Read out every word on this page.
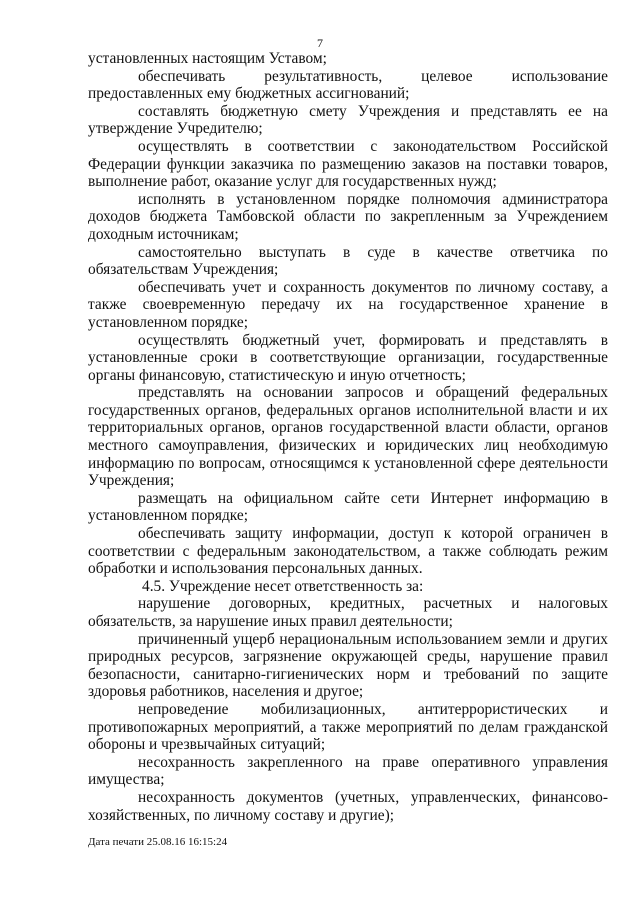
7

установленных настоящим Уставом;

обеспечивать результативность, целевое использование предоставленных ему бюджетных ассигнований;

составлять бюджетную смету Учреждения и представлять ее на утверждение Учредителю;

осуществлять в соответствии с законодательством Российской Федерации функции заказчика по размещению заказов на поставки товаров, выполнение работ, оказание услуг для государственных нужд;

исполнять в установленном порядке полномочия администратора доходов бюджета Тамбовской области по закрепленным за Учреждением доходным источникам;

самостоятельно выступать в суде в качестве ответчика по обязательствам Учреждения;

обеспечивать учет и сохранность документов по личному составу, а также своевременную передачу их на государственное хранение в установленном порядке;

осуществлять бюджетный учет, формировать и представлять в установленные сроки в соответствующие организации, государственные органы финансовую, статистическую и иную отчетность;

представлять на основании запросов и обращений федеральных государственных органов, федеральных органов исполнительной власти и их территориальных органов, органов государственной власти области, органов местного самоуправления, физических и юридических лиц необходимую информацию по вопросам, относящимся к установленной сфере деятельности Учреждения;

размещать на официальном сайте сети Интернет информацию в установленном порядке;

обеспечивать защиту информации, доступ к которой ограничен в соответствии с федеральным законодательством, а также соблюдать режим обработки и использования персональных данных.

4.5. Учреждение несет ответственность за:

нарушение договорных, кредитных, расчетных и налоговых обязательств, за нарушение иных правил деятельности;

причиненный ущерб нерациональным использованием земли и других природных ресурсов, загрязнение окружающей среды, нарушение правил безопасности, санитарно-гигиенических норм и требований по защите здоровья работников, населения и другое;

непроведение мобилизационных, антитеррористических и противопожарных мероприятий, а также мероприятий по делам гражданской обороны и чрезвычайных ситуаций;

несохранность закрепленного на праве оперативного управления имущества;

несохранность документов (учетных, управленческих, финансово-хозяйственных, по личному составу и другие);

Дата печати 25.08.16 16:15:24
